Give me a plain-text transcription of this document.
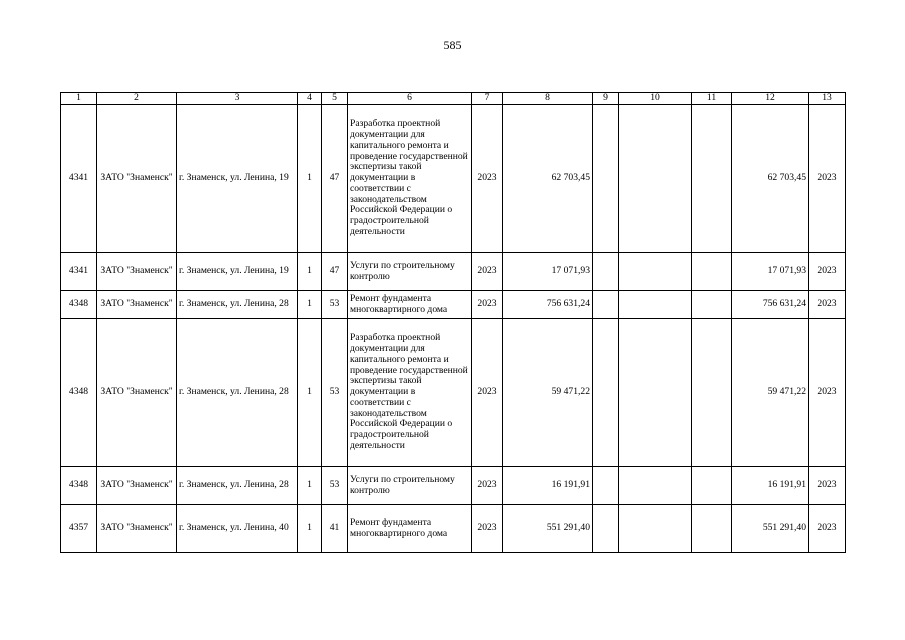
585
1	2	3	4	5	6	7	8	9	10	11	12	13
4341	ЗАТО "Знаменск"	г. Знаменск, ул. Ленина, 19	1	47	Разработка проектной документации для капитального ремонта и проведение государственной экспертизы такой документации в соответствии с законодательством Российской Федерации о градостроительной деятельности	2023	62 703,45				62 703,45	2023
4341	ЗАТО "Знаменск"	г. Знаменск, ул. Ленина, 19	1	47	Услуги по строительному контролю	2023	17 071,93				17 071,93	2023
4348	ЗАТО "Знаменск"	г. Знаменск, ул. Ленина, 28	1	53	Ремонт фундамента многоквартирного дома	2023	756 631,24				756 631,24	2023
4348	ЗАТО "Знаменск"	г. Знаменск, ул. Ленина, 28	1	53	Разработка проектной документации для капитального ремонта и проведение государственной экспертизы такой документации в соответствии с законодательством Российской Федерации о градостроительной деятельности	2023	59 471,22				59 471,22	2023
4348	ЗАТО "Знаменск"	г. Знаменск, ул. Ленина, 28	1	53	Услуги по строительному контролю	2023	16 191,91				16 191,91	2023
4357	ЗАТО "Знаменск"	г. Знаменск, ул. Ленина, 40	1	41	Ремонт фундамента многоквартирного дома	2023	551 291,40				551 291,40	2023
